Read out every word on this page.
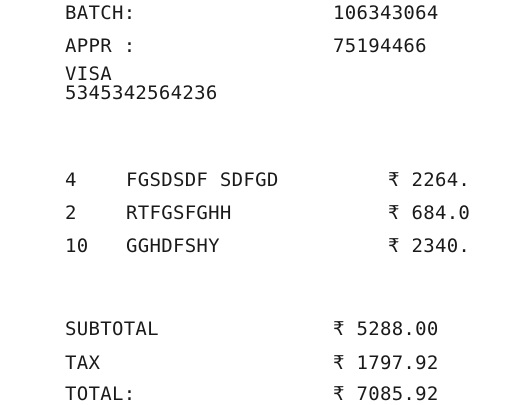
BATCH:	106343064
APPR :	75194466
VISA
5345342564236
4	FGSDSDF SDFGD	₹ 2264.
2	RTFGSFGHH	₹ 684.0
10 GGHDFSHY	₹ 2340.
SUBTOTAL	₹ 5288.00
TAX	₹ 1797.92
TOTAL:	₹ 7085.92
